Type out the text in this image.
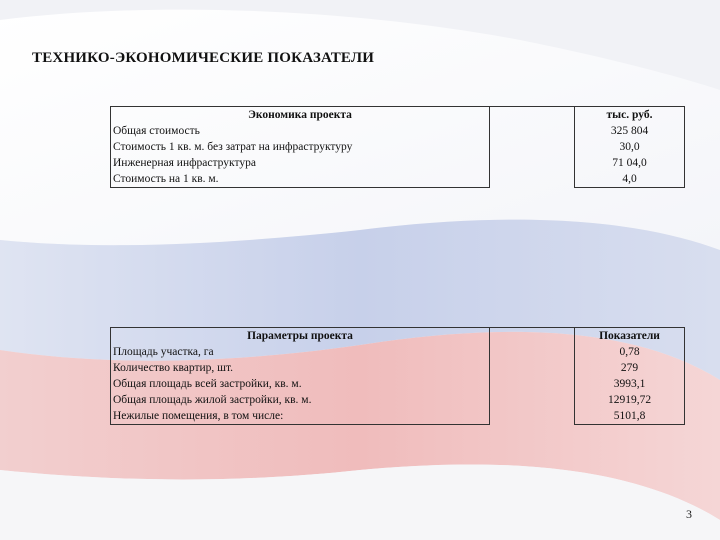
ТЕХНИКО-ЭКОНОМИЧЕСКИЕ ПОКАЗАТЕЛИ
Экономика проекта		тыс. руб.
Общая стоимость		325 804
Стоимость 1 кв. м. без затрат на инфраструктуру		30,0
Инженерная инфраструктура		71 04,0
Стоимость на 1 кв. м.		4,0
Параметры проекта		Показатели
Площадь участка, га		0,78
Количество квартир, шт.		279
Общая площадь всей застройки, кв. м.		3993,1
Общая площадь жилой застройки, кв. м.		12919,72
Нежилые помещения, в том числе:		5101,8
3
